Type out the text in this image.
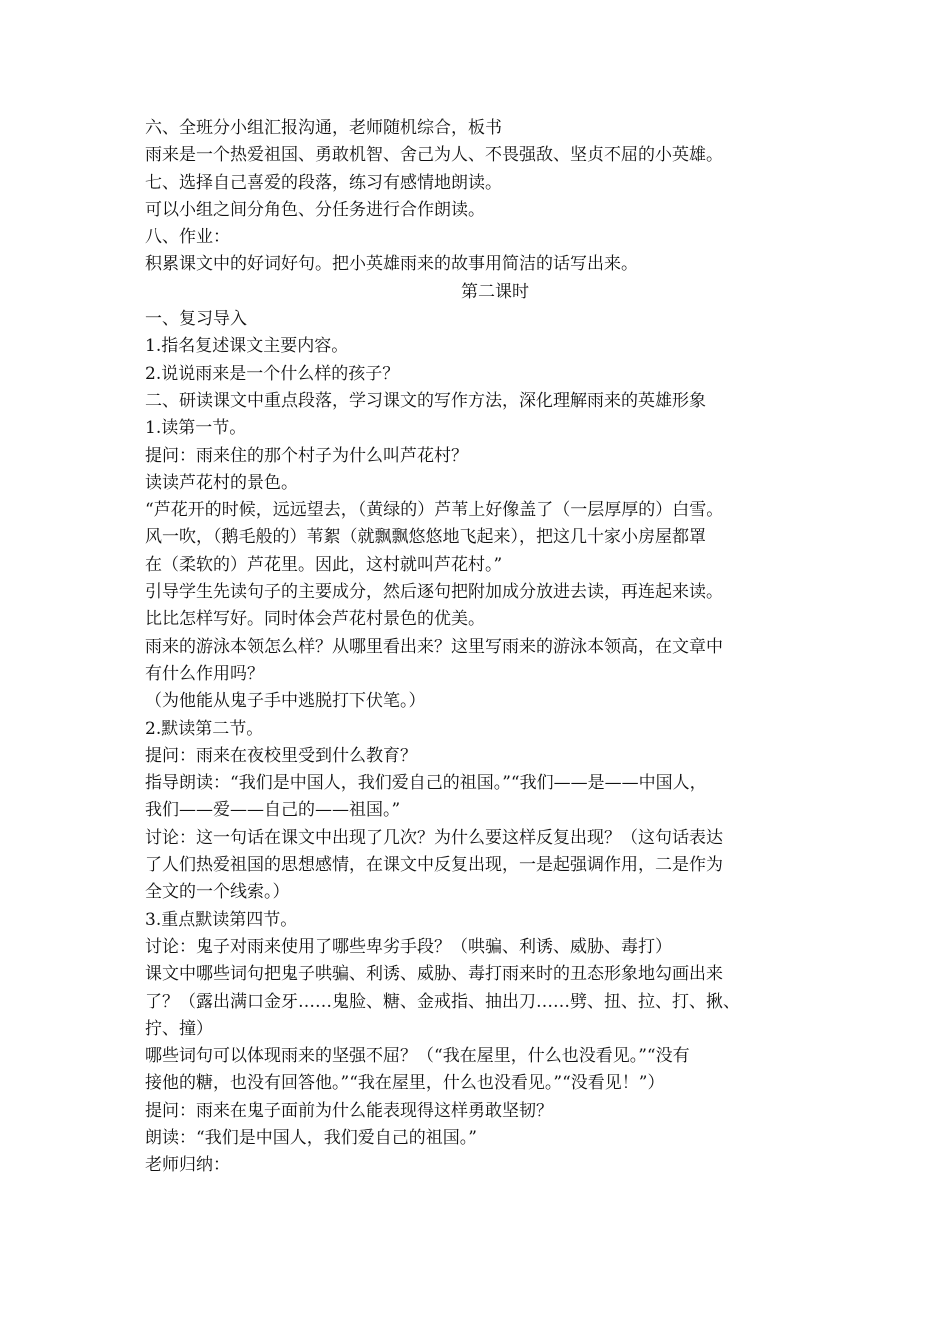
六、全班分小组汇报沟通，老师随机综合，板书

雨来是一个热爱祖国、勇敢机智、舍己为人、不畏强敌、坚贞不屈的小英雄。

七、选择自己喜爱的段落，练习有感情地朗读。

可以小组之间分角色、分任务进行合作朗读。

八、作业：

积累课文中的好词好句。把小英雄雨来的故事用简洁的话写出来。

第二课时

一、复习导入

1.指名复述课文主要内容。

2.说说雨来是一个什么样的孩子？

二、研读课文中重点段落，学习课文的写作方法，深化理解雨来的英雄形象

1.读第一节。

提问：雨来住的那个村子为什么叫芦花村？

读读芦花村的景色。

“芦花开的时候，远远望去，（黄绿的）芦苇上好像盖了（一层厚厚的）白雪。

风一吹，（鹅毛般的）苇絮（就飘飘悠悠地飞起来），把这几十家小房屋都罩

在（柔软的）芦花里。因此，这村就叫芦花村。”

引导学生先读句子的主要成分，然后逐句把附加成分放进去读，再连起来读。

比比怎样写好。同时体会芦花村景色的优美。

雨来的游泳本领怎么样？从哪里看出来？这里写雨来的游泳本领高，在文章中

有什么作用吗？

（为他能从鬼子手中逃脱打下伏笔。）

2.默读第二节。

提问：雨来在夜校里受到什么教育？

指导朗读：“我们是中国人，我们爱自己的祖国。”“我们——是——中国人，

我们——爱——自己的——祖国。”

讨论：这一句话在课文中出现了几次？为什么要这样反复出现？（这句话表达

了人们热爱祖国的思想感情，在课文中反复出现，一是起强调作用，二是作为

全文的一个线索。）

3.重点默读第四节。

讨论：鬼子对雨来使用了哪些卑劣手段？（哄骗、利诱、威胁、毒打）

课文中哪些词句把鬼子哄骗、利诱、威胁、毒打雨来时的丑态形象地勾画出来

了？（露出满口金牙……鬼脸、糖、金戒指、抽出刀……劈、扭、拉、打、揪、

拧、撞）

哪些词句可以体现雨来的坚强不屈？（“我在屋里，什么也没看见。”“没有

接他的糖，也没有回答他。”“我在屋里，什么也没看见。”“没看见！”）

提问：雨来在鬼子面前为什么能表现得这样勇敢坚韧？

朗读：“我们是中国人，我们爱自己的祖国。”

老师归纳：
